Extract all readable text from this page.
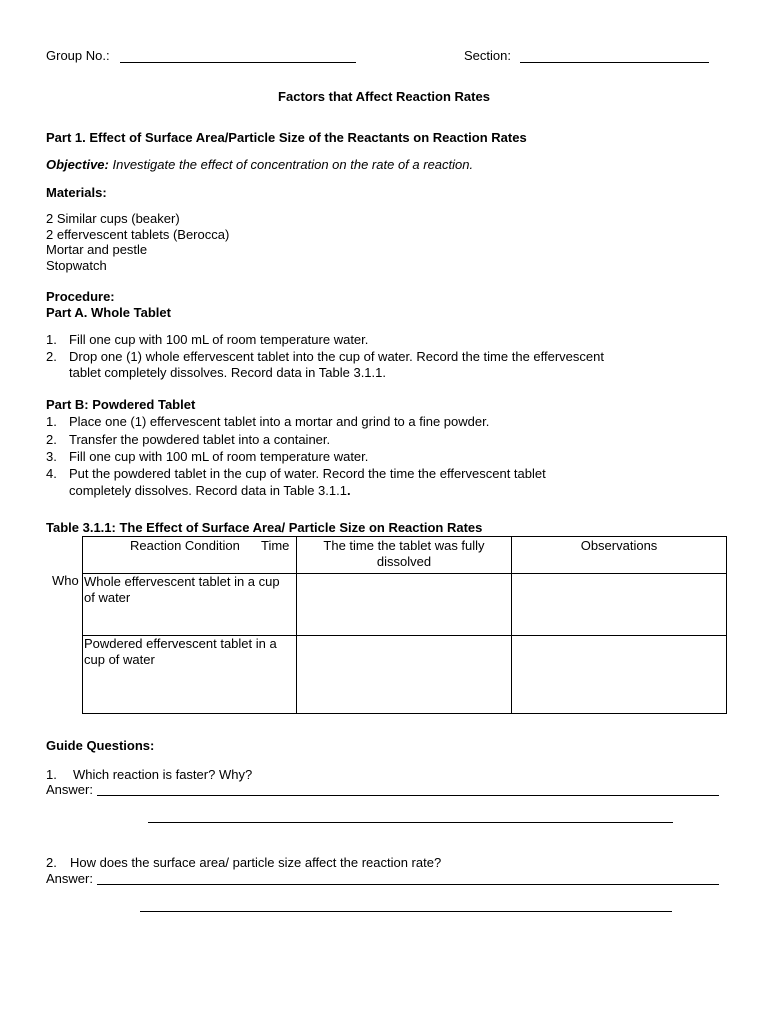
Group No.:	Section:
Factors that Affect Reaction Rates
Part 1. Effect of Surface Area/Particle Size of the Reactants on Reaction Rates
Objective: Investigate the effect of concentration on the rate of a reaction.
Materials:
2 Similar cups (beaker)
2 effervescent tablets (Berocca)
Mortar and pestle
Stopwatch
Procedure:
Part A. Whole Tablet
1. Fill one cup with 100 mL of room temperature water.
2. Drop one (1) whole effervescent tablet into the cup of water. Record the time the effervescent
tablet completely dissolves. Record data in Table 3.1.1.
Part B: Powdered Tablet
1. Place one (1) effervescent tablet into a mortar and grind to a fine powder.
2. Transfer the powdered tablet into a container.
3. Fill one cup with 100 mL of room temperature water.
4. Put the powdered tablet in the cup of water. Record the time the effervescent tablet
completely dissolves. Record data in Table 3.1.1.
Table 3.1.1: The Effect of Surface Area/ Particle Size on Reaction Rates
Who
Reaction Condition Time	The time the tablet was fully dissolved	Observations
Whole effervescent tablet in a cup of water		
Powdered effervescent tablet in a cup of water		
Guide Questions:
1. Which reaction is faster? Why?
Answer:
2. How does the surface area/ particle size affect the reaction rate?
Answer:
